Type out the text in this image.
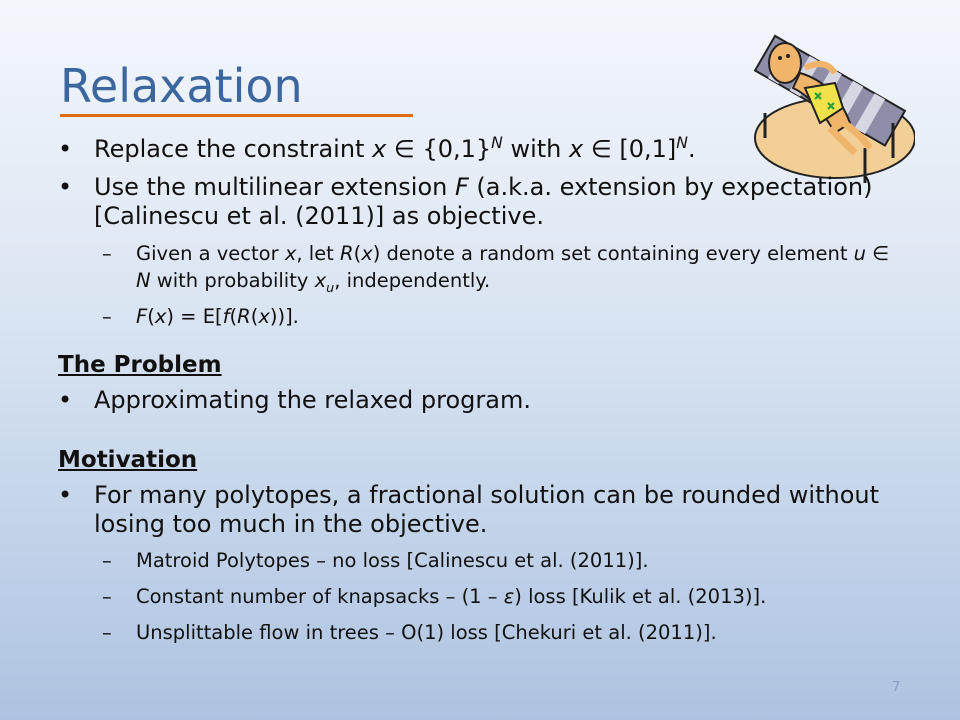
Relaxation
• Replace the constraint x ∈ $\{0,1\}^N$ with x ∈ $[0,1]^N$.
• Use the multilinear extension F (a.k.a. extension by expectation) [Calinescu et al. (2011)] as objective.
– Given a vector x, let R(x) denote a random set containing every element u ∈ N with probability $x_u$, independently.
– F(x) = E[f(R(x))].
The Problem
• Approximating the relaxed program.
Motivation
• For many polytopes, a fractional solution can be rounded without losing too much in the objective.
– Matroid Polytopes – no loss [Calinescu et al. (2011)].
– Constant number of knapsacks – (1 – ε) loss [Kulik et al. (2013)].
– Unsplittable flow in trees – O(1) loss [Chekuri et al. (2011)].
7
